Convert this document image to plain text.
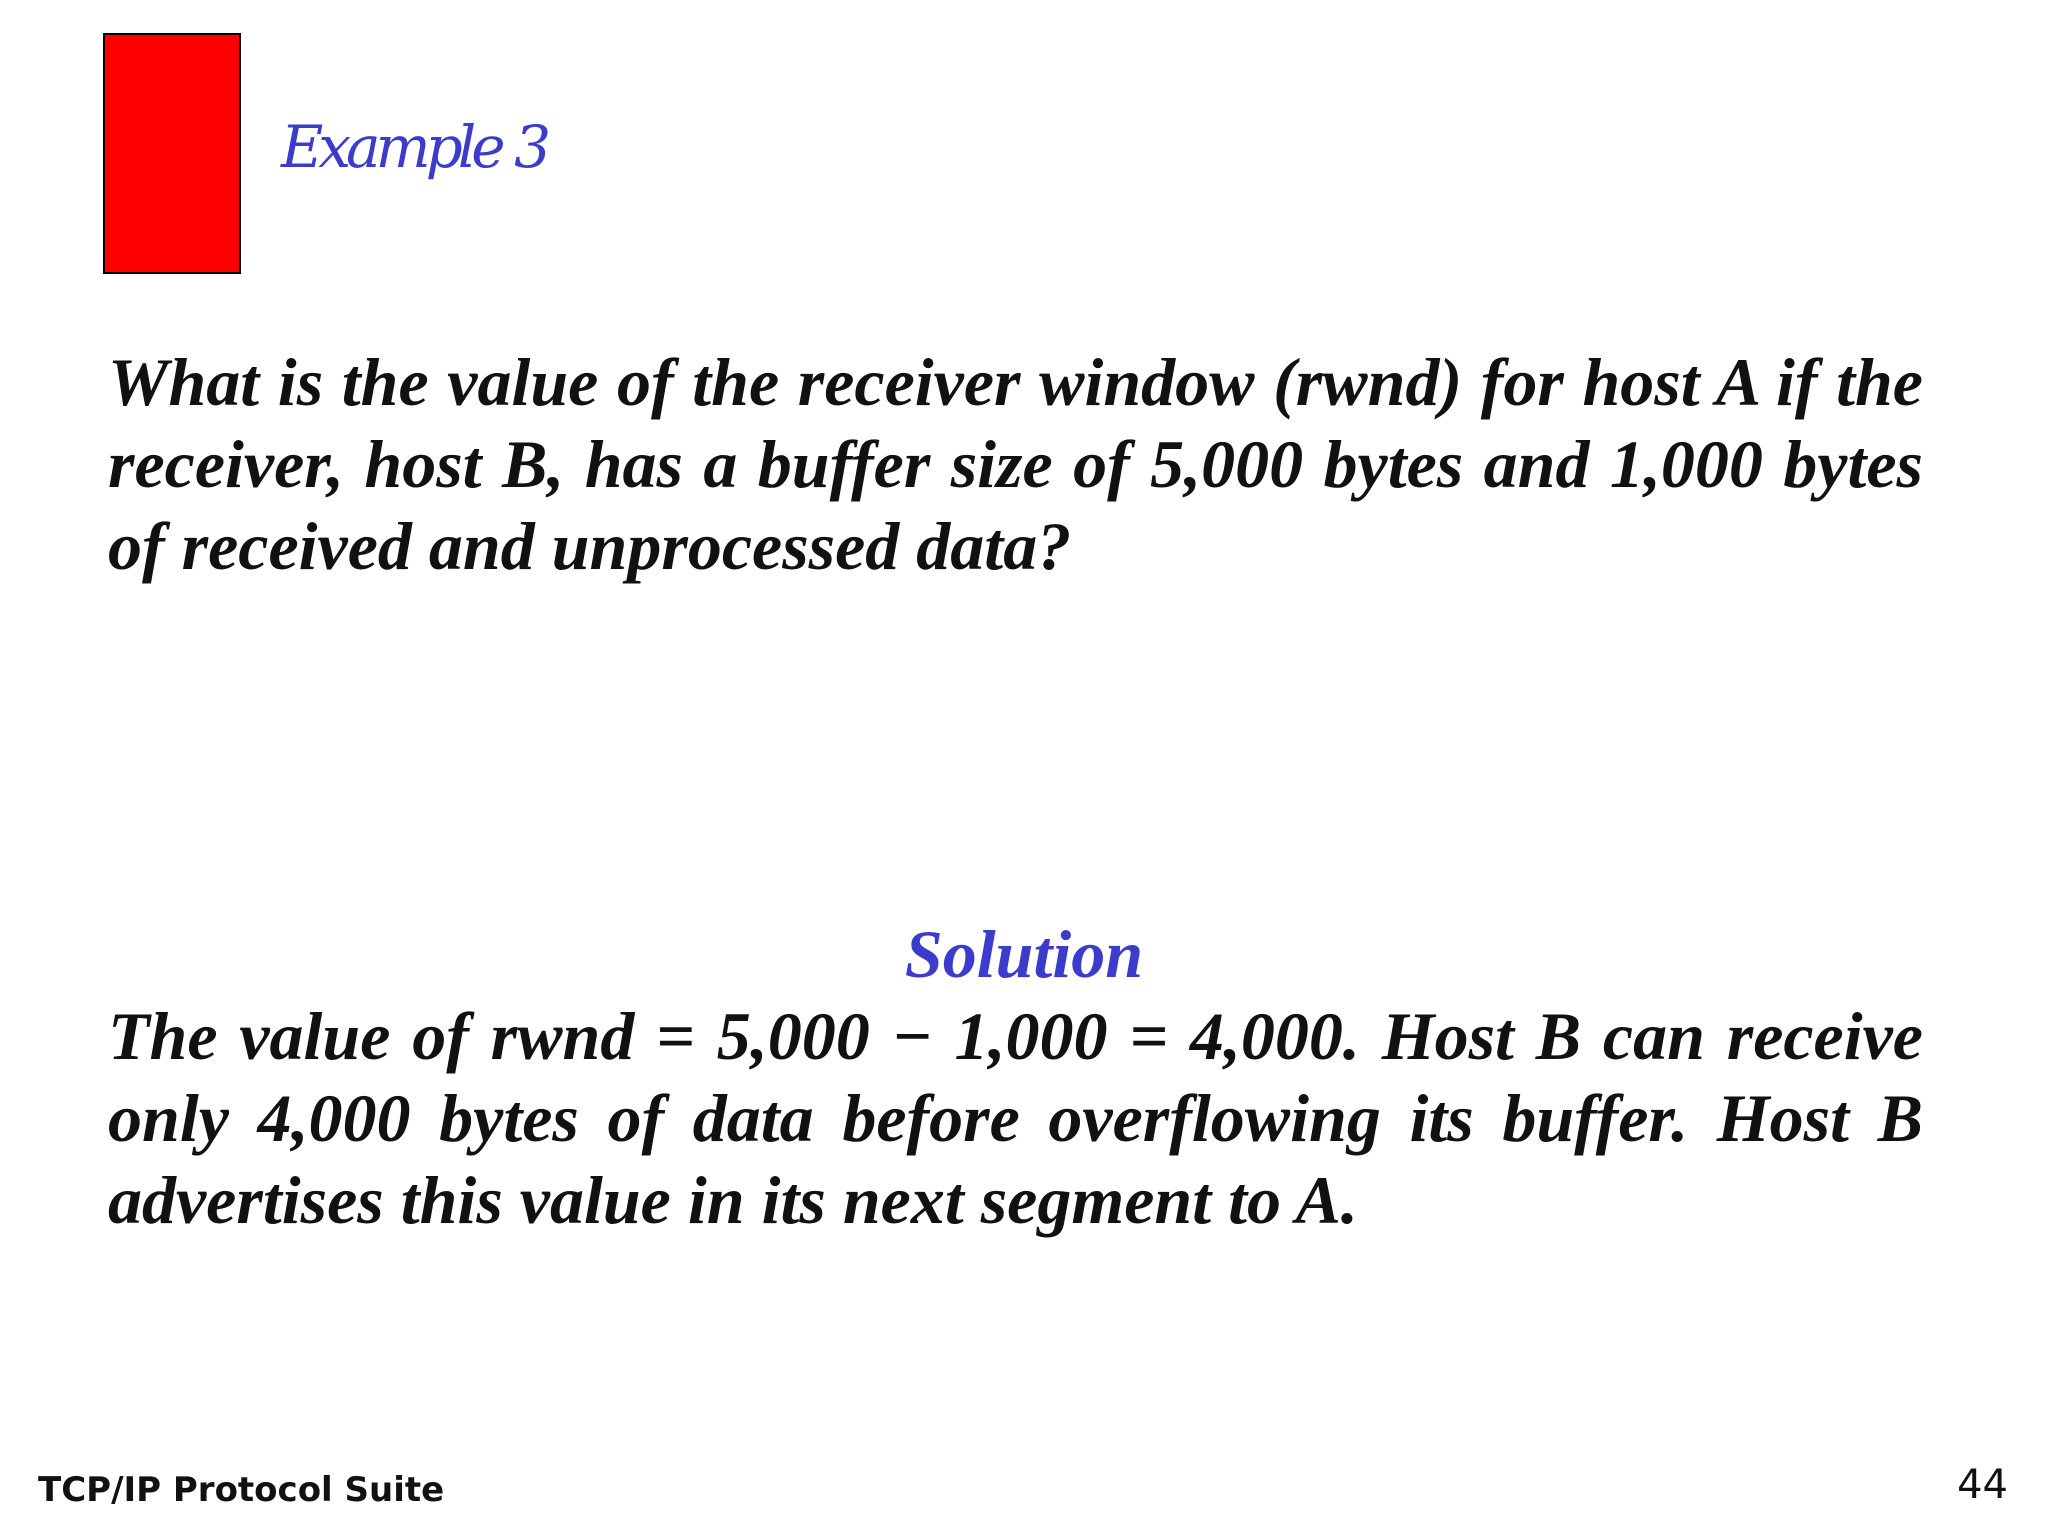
Example 3
What is the value of the receiver window (rwnd) for host A if the receiver, host B, has a buffer size of 5,000 bytes and 1,000 bytes of received and unprocessed data?
Solution
The value of rwnd = 5,000 − 1,000 = 4,000. Host B can receive only 4,000 bytes of data before overflowing its buffer. Host B advertises this value in its next segment to A.
TCP/IP Protocol Suite	44
